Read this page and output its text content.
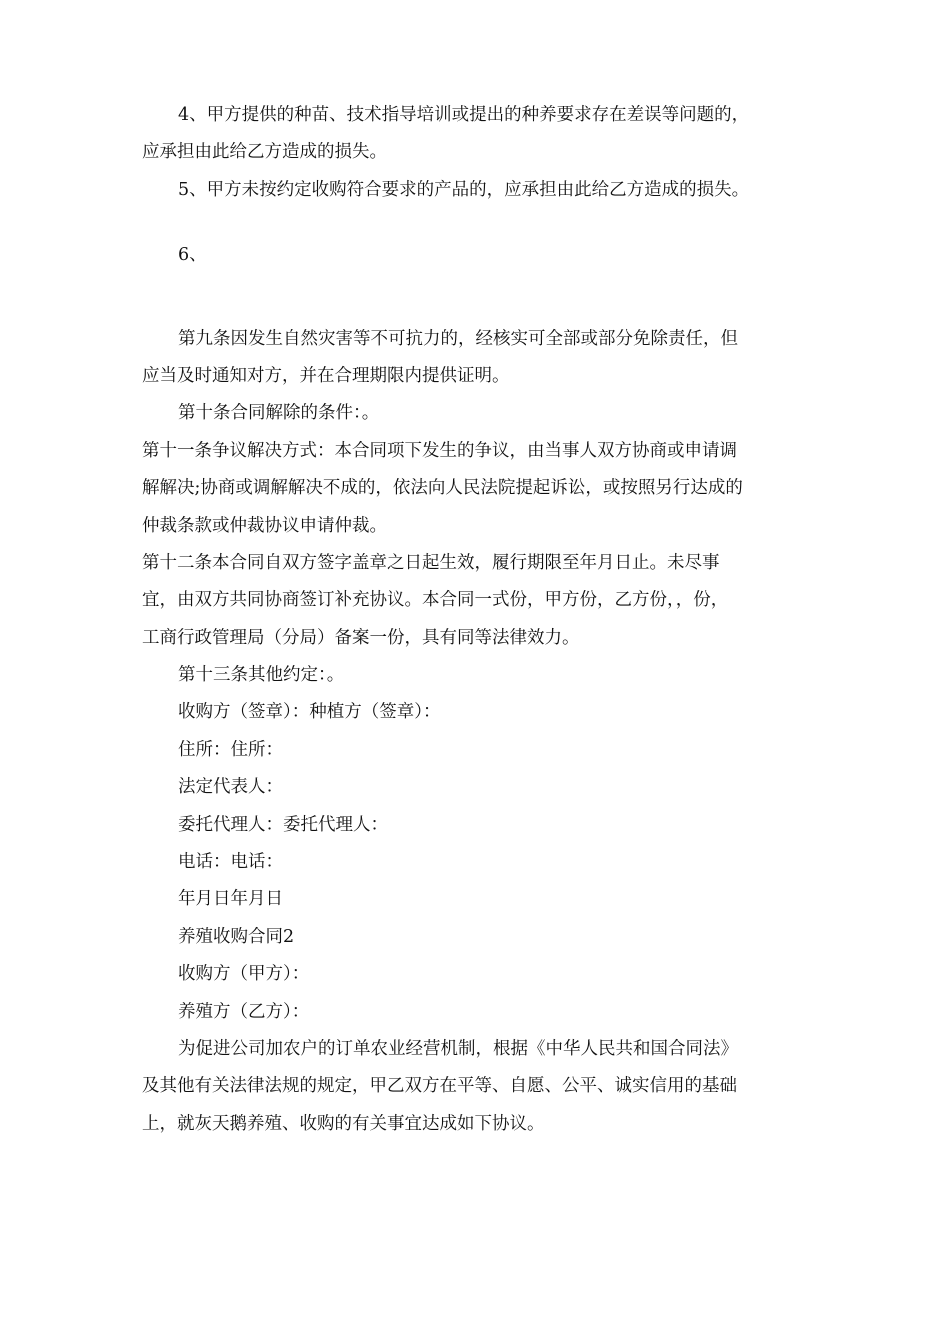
4、甲方提供的种苗、技术指导培训或提出的种养要求存在差误等问题的，
应承担由此给乙方造成的损失。
5、甲方未按约定收购符合要求的产品的，应承担由此给乙方造成的损失。
6、
第九条因发生自然灾害等不可抗力的，经核实可全部或部分免除责任，但
应当及时通知对方，并在合理期限内提供证明。
第十条合同解除的条件：。
第十一条争议解决方式：本合同项下发生的争议，由当事人双方协商或申请调
解解决;协商或调解解决不成的，依法向人民法院提起诉讼，或按照另行达成的
仲裁条款或仲裁协议申请仲裁。
第十二条本合同自双方签字盖章之日起生效，履行期限至年月日止。未尽事
宜，由双方共同协商签订补充协议。本合同一式份，甲方份，乙方份，，份，
工商行政管理局（分局）备案一份，具有同等法律效力。
第十三条其他约定：。
收购方（签章）：种植方（签章）：
住所：住所：
法定代表人：
委托代理人：委托代理人：
电话：电话：
年月日年月日
养殖收购合同2
收购方（甲方）：
养殖方（乙方）：
为促进公司加农户的订单农业经营机制，根据《中华人民共和国合同法》
及其他有关法律法规的规定，甲乙双方在平等、自愿、公平、诚实信用的基础
上，就灰天鹅养殖、收购的有关事宜达成如下协议。
